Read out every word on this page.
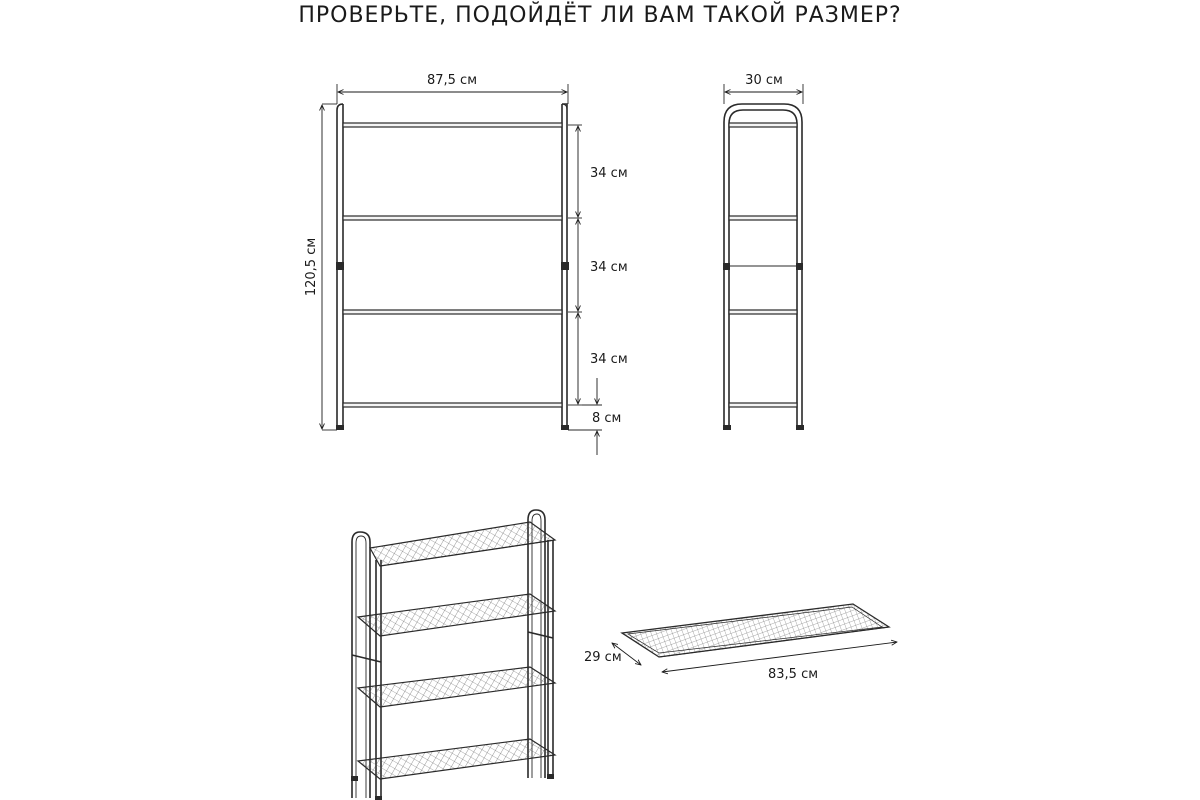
ПРОВЕРЬТЕ, ПОДОЙДЁТ ЛИ ВАМ ТАКОЙ РАЗМЕР?
87,5 см
120,5 см
34 см
34 см
34 см
8 см
30 см
29 см
83,5 см
